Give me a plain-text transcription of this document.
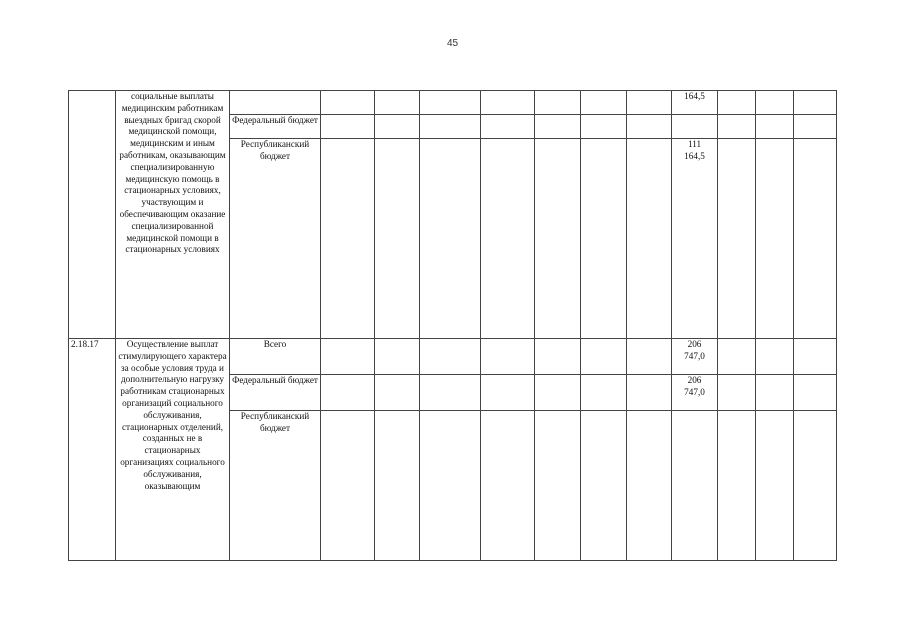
45
	социальные выплаты медицинским работникам выездных бригад скорой медицинской помощи, медицинским и иным работникам, оказывающим специализированную медицинскую помощь в стационарных условиях, участвующим и обеспечивающим оказание специализированной медицинской помощи в стационарных условиях									164,5			

		Федеральный бюджет								

		Республиканский бюджет								111
164,5			

2.18.17	Осуществление выплат стимулирующего характера за особые условия труда и дополнительную нагрузку работникам стационарных организаций социального обслуживания, стационарных отделений, созданных не в стационарных организациях социального обслуживания, оказывающим	Всего								206
747,0			

		Федеральный бюджет								206
747,0			

		Республиканский бюджет								
